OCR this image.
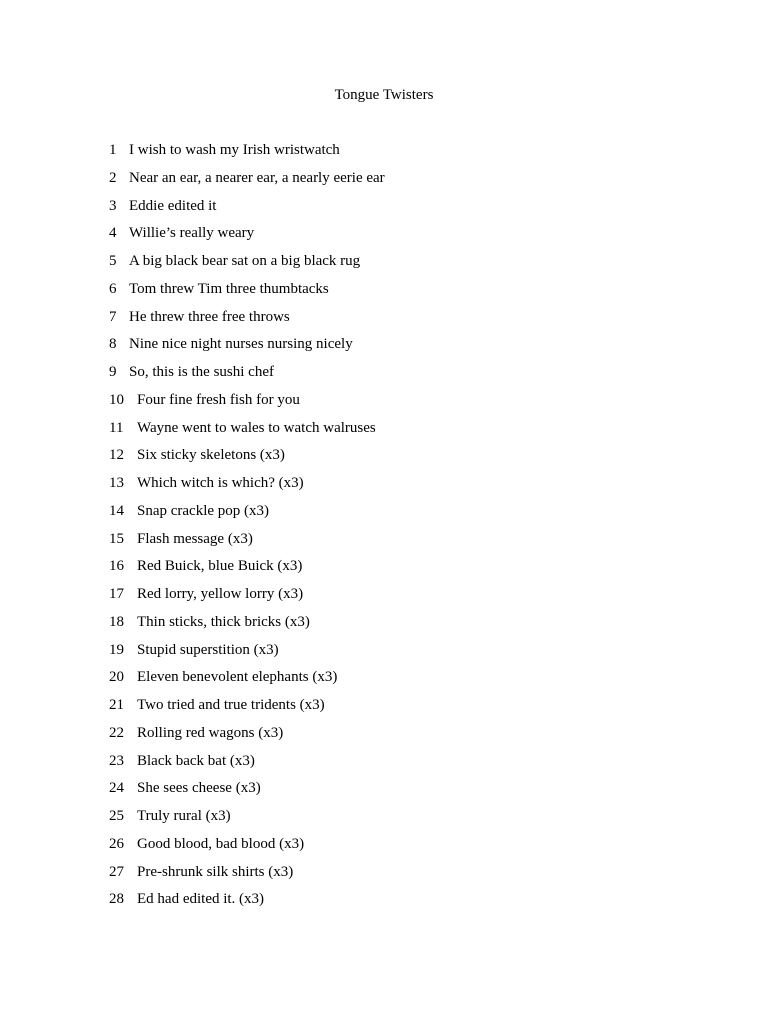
Tongue Twisters
1 I wish to wash my Irish wristwatch
2 Near an ear, a nearer ear, a nearly eerie ear
3 Eddie edited it
4 Willie’s really weary
5 A big black bear sat on a big black rug
6 Tom threw Tim three thumbtacks
7 He threw three free throws
8 Nine nice night nurses nursing nicely
9 So, this is the sushi chef
10 Four fine fresh fish for you
11 Wayne went to wales to watch walruses
12 Six sticky skeletons (x3)
13 Which witch is which? (x3)
14 Snap crackle pop (x3)
15 Flash message (x3)
16 Red Buick, blue Buick (x3)
17 Red lorry, yellow lorry (x3)
18 Thin sticks, thick bricks (x3)
19 Stupid superstition (x3)
20 Eleven benevolent elephants (x3)
21 Two tried and true tridents (x3)
22 Rolling red wagons (x3)
23 Black back bat (x3)
24 She sees cheese (x3)
25 Truly rural (x3)
26 Good blood, bad blood (x3)
27 Pre-shrunk silk shirts (x3)
28 Ed had edited it. (x3)
